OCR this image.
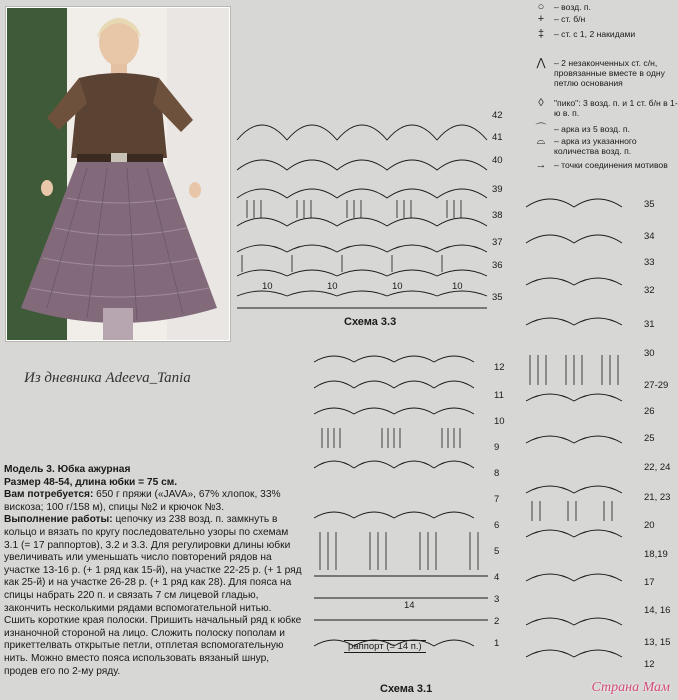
Из дневника Adeeva_Tania
○	– возд. п.
+	– ст. б/н
‡	– ст. с 1, 2 накидами
⋀ – 2 незаконченных ст. с/н, провязанные вместе в одну петлю основания
◊	"пико": 3 возд. п. и 1 ст. б/н в 1-ю в. п.
⌒ – арка из 5 возд. п.
⌓	– арка из указанного количества возд. п.
→ – точки соединения мотивов
42
41
40
39
38
37
36
35
10	10	10	10
Схема 3.3
12
11
10
9
8
7
6
5
4
3
2
1
14
раппорт (= 14 п.)
Схема 3.1
35
34
33
32
31
30
27-29
26
25
22, 24
21, 23
20
18,19
17
14, 16
13, 15
12

Модель 3. Юбка ажурная

Размер 48-54, длина юбки = 75 см.

Вам потребуется: 650 г пряжи («JAVA», 67% хлопок, 33% вискоза; 100 г/158 м), спицы №2 и крючок №3.

Выполнение работы: цепочку из 238 возд. п. замкнуть в кольцо и вязать по кругу последовательно узоры по схемам 3.1 (= 17 раппортов), 3.2 и 3.3. Для регулировки длины юбки увеличивать или уменьшать число повторений рядов на участке 13-16 р. (+ 1 ряд как 15-й), на участке 22-25 р. (+ 1 ряд как 25-й) и на участке 26-28 р. (+ 1 ряд как 28). Для пояса на спицы набрать 220 п. и связать 7 см лицевой гладью, закончить несколькими рядами вспомогательной нитью. Сшить короткие края полоски. Пришить начальный ряд к юбке изнаночной стороной на лицо. Сложить полоску пополам и прикеттелвать открытые петли, отплетая вспомогательную нить. Можно вместо пояса использовать вязаный шнур, продев его по 2-му ряду.

Страна Мам
